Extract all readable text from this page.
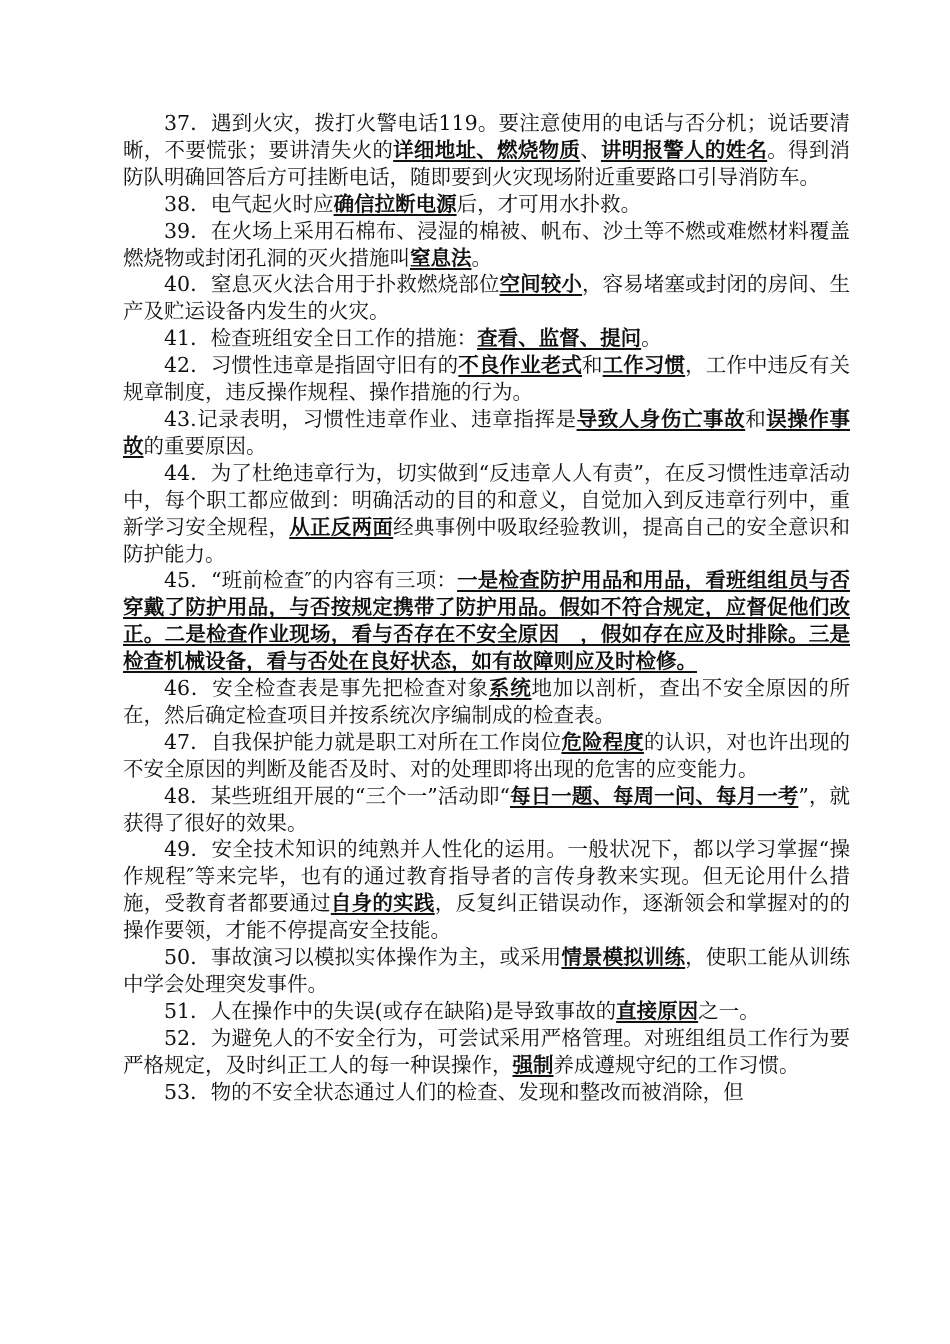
37．遇到火灾，拨打火警电话119。要注意使用的电话与否分机；说话要清晰，不要慌张；要讲清失火的详细地址、燃烧物质、讲明报警人的姓名。得到消防队明确回答后方可挂断电话，随即要到火灾现场附近重要路口引导消防车。

38．电气起火时应确信拉断电源后，才可用水扑救。

39．在火场上采用石棉布、浸湿的棉被、帆布、沙土等不燃或难燃材料覆盖燃烧物或封闭孔洞的灭火措施叫窒息法。

40．窒息灭火法合用于扑救燃烧部位空间较小，容易堵塞或封闭的房间、生产及贮运设备内发生的火灾。

41．检查班组安全日工作的措施：查看、监督、提问。

42．习惯性违章是指固守旧有的不良作业老式和工作习惯，工作中违反有关规章制度，违反操作规程、操作措施的行为。

43.记录表明，习惯性违章作业、违章指挥是导致人身伤亡事故和误操作事故的重要原因。

44．为了杜绝违章行为，切实做到“反违章人人有责”，在反习惯性违章活动中，每个职工都应做到：明确活动的目的和意义，自觉加入到反违章行列中，重新学习安全规程，从正反两面经典事例中吸取经验教训，提高自己的安全意识和防护能力。

45．“班前检查″的内容有三项：一是检查防护用品和用品，看班组组员与否穿戴了防护用品，与否按规定携带了防护用品。假如不符合规定，应督促他们改正。二是检查作业现场，看与否存在不安全原因　，假如存在应及时排除。三是检查机械设备，看与否处在良好状态，如有故障则应及时检修。

46．安全检查表是事先把检查对象系统地加以剖析，查出不安全原因的所在，然后确定检查项目并按系统次序编制成的检查表。

47．自我保护能力就是职工对所在工作岗位危险程度的认识，对也许出现的不安全原因的判断及能否及时、对的处理即将出现的危害的应变能力。

48．某些班组开展的“三个一”活动即“每日一题、每周一问、每月一考”，就获得了很好的效果。

49．安全技术知识的纯熟并人性化的运用。一般状况下，都以学习掌握“操作规程″等来完毕，也有的通过教育指导者的言传身教来实现。但无论用什么措施，受教育者都要通过自身的实践，反复纠正错误动作，逐渐领会和掌握对的的操作要领，才能不停提高安全技能。

50．事故演习以模拟实体操作为主，或采用情景模拟训练，使职工能从训练中学会处理突发事件。

51．人在操作中的失误(或存在缺陷)是导致事故的直接原因之一。

52．为避免人的不安全行为，可尝试采用严格管理。对班组组员工作行为要严格规定，及时纠正工人的每一种误操作，强制养成遵规守纪的工作习惯。

53．物的不安全状态通过人们的检查、发现和整改而被消除，但
